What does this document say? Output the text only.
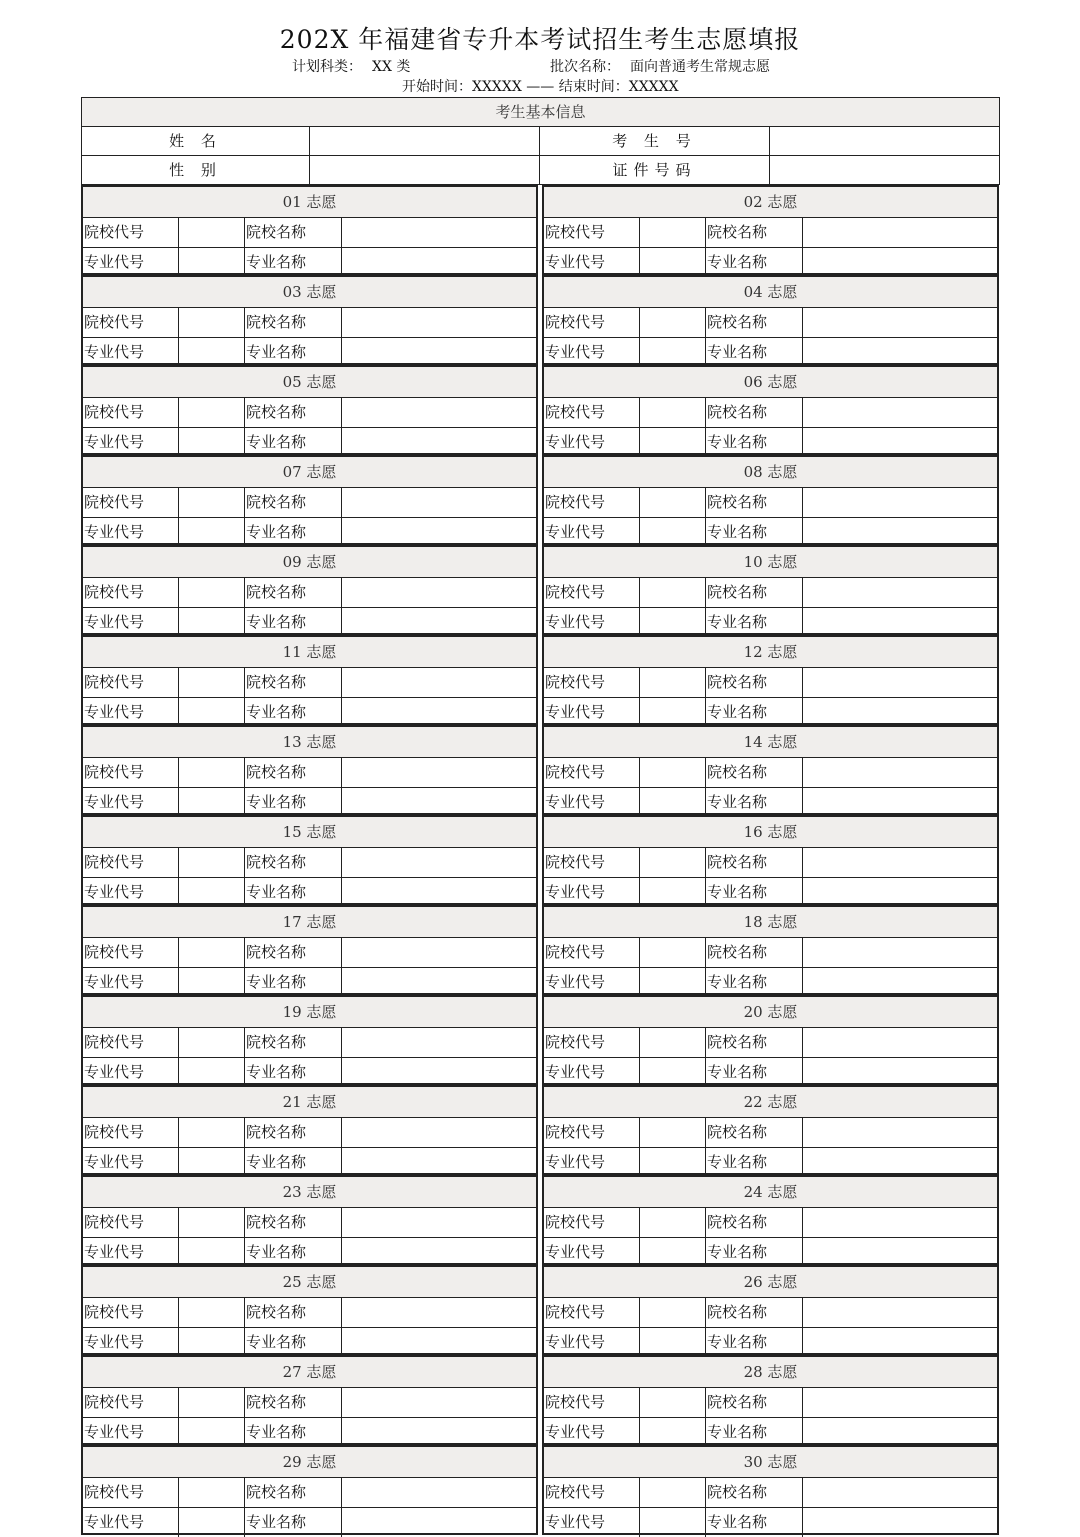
202X 年福建省专升本考试招生考生志愿填报
计划科类： XX 类	批次名称： 面向普通考生常规志愿
开始时间：XXXXX —— 结束时间：XXXXX
考生基本信息			
姓 名		考 生 号	
性 别		证件号码	
01 志愿
院校代号	院校名称
专业代号	专业名称
02 志愿
院校代号	院校名称
专业代号	专业名称
03 志愿
院校代号	院校名称
专业代号	专业名称
04 志愿
院校代号	院校名称
专业代号	专业名称
05 志愿
院校代号	院校名称
专业代号	专业名称
06 志愿
院校代号	院校名称
专业代号	专业名称
07 志愿
院校代号	院校名称
专业代号	专业名称
08 志愿
院校代号	院校名称
专业代号	专业名称
09 志愿
院校代号	院校名称
专业代号	专业名称
10 志愿
院校代号	院校名称
专业代号	专业名称
11 志愿
院校代号	院校名称
专业代号	专业名称
12 志愿
院校代号	院校名称
专业代号	专业名称
13 志愿
院校代号	院校名称
专业代号	专业名称
14 志愿
院校代号	院校名称
专业代号	专业名称
15 志愿
院校代号	院校名称
专业代号	专业名称
16 志愿
院校代号	院校名称
专业代号	专业名称
17 志愿
院校代号	院校名称
专业代号	专业名称
18 志愿
院校代号	院校名称
专业代号	专业名称
19 志愿
院校代号	院校名称
专业代号	专业名称
20 志愿
院校代号	院校名称
专业代号	专业名称
21 志愿
院校代号	院校名称
专业代号	专业名称
22 志愿
院校代号	院校名称
专业代号	专业名称
23 志愿
院校代号	院校名称
专业代号	专业名称
24 志愿
院校代号	院校名称
专业代号	专业名称
25 志愿
院校代号	院校名称
专业代号	专业名称
26 志愿
院校代号	院校名称
专业代号	专业名称
27 志愿
院校代号	院校名称
专业代号	专业名称
28 志愿
院校代号	院校名称
专业代号	专业名称
29 志愿
院校代号	院校名称
专业代号	专业名称
30 志愿
院校代号	院校名称
专业代号	专业名称
